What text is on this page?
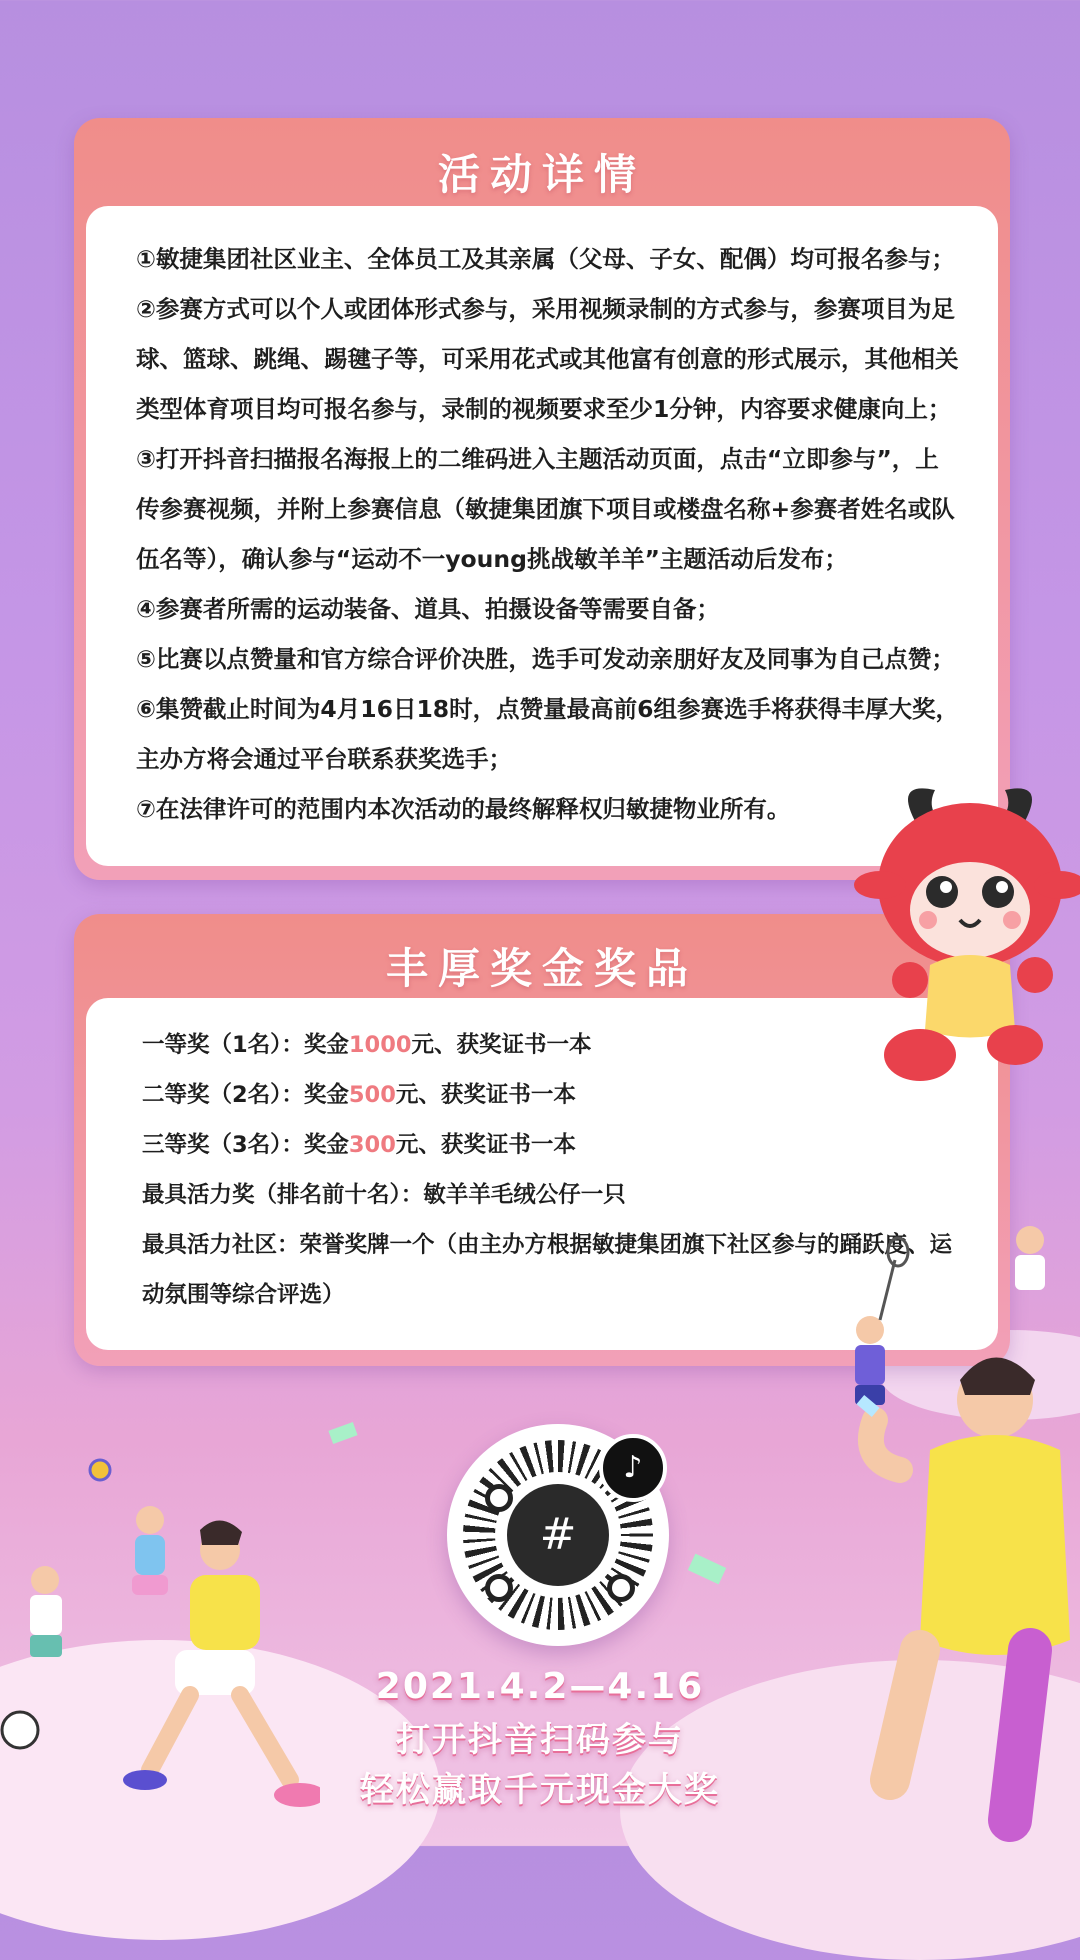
活动详情
①敏捷集团社区业主、全体员工及其亲属（父母、子女、配偶）均可报名参与；
②参赛方式可以个人或团体形式参与，采用视频录制的方式参与，参赛项目为足球、篮球、跳绳、踢毽子等，可采用花式或其他富有创意的形式展示，其他相关类型体育项目均可报名参与，录制的视频要求至少1分钟，内容要求健康向上；
③打开抖音扫描报名海报上的二维码进入主题活动页面，点击“立即参与”，上传参赛视频，并附上参赛信息（敏捷集团旗下项目或楼盘名称+参赛者姓名或队伍名等），确认参与“运动不一young挑战敏羊羊”主题活动后发布；
④参赛者所需的运动装备、道具、拍摄设备等需要自备；
⑤比赛以点赞量和官方综合评价决胜，选手可发动亲朋好友及同事为自己点赞；
⑥集赞截止时间为4月16日18时，点赞量最高前6组参赛选手将获得丰厚大奖，主办方将会通过平台联系获奖选手；
⑦在法律许可的范围内本次活动的最终解释权归敏捷物业所有。
丰厚奖金奖品
一等奖（1名）：奖金1000元、获奖证书一本
二等奖（2名）：奖金500元、获奖证书一本
三等奖（3名）：奖金300元、获奖证书一本
最具活力奖（排名前十名）：敏羊羊毛绒公仔一只
最具活力社区：荣誉奖牌一个（由主办方根据敏捷集团旗下社区参与的踊跃度、运动氛围等综合评选）
#
♪
2021.4.2—4.16
打开抖音扫码参与
轻松赢取千元现金大奖
